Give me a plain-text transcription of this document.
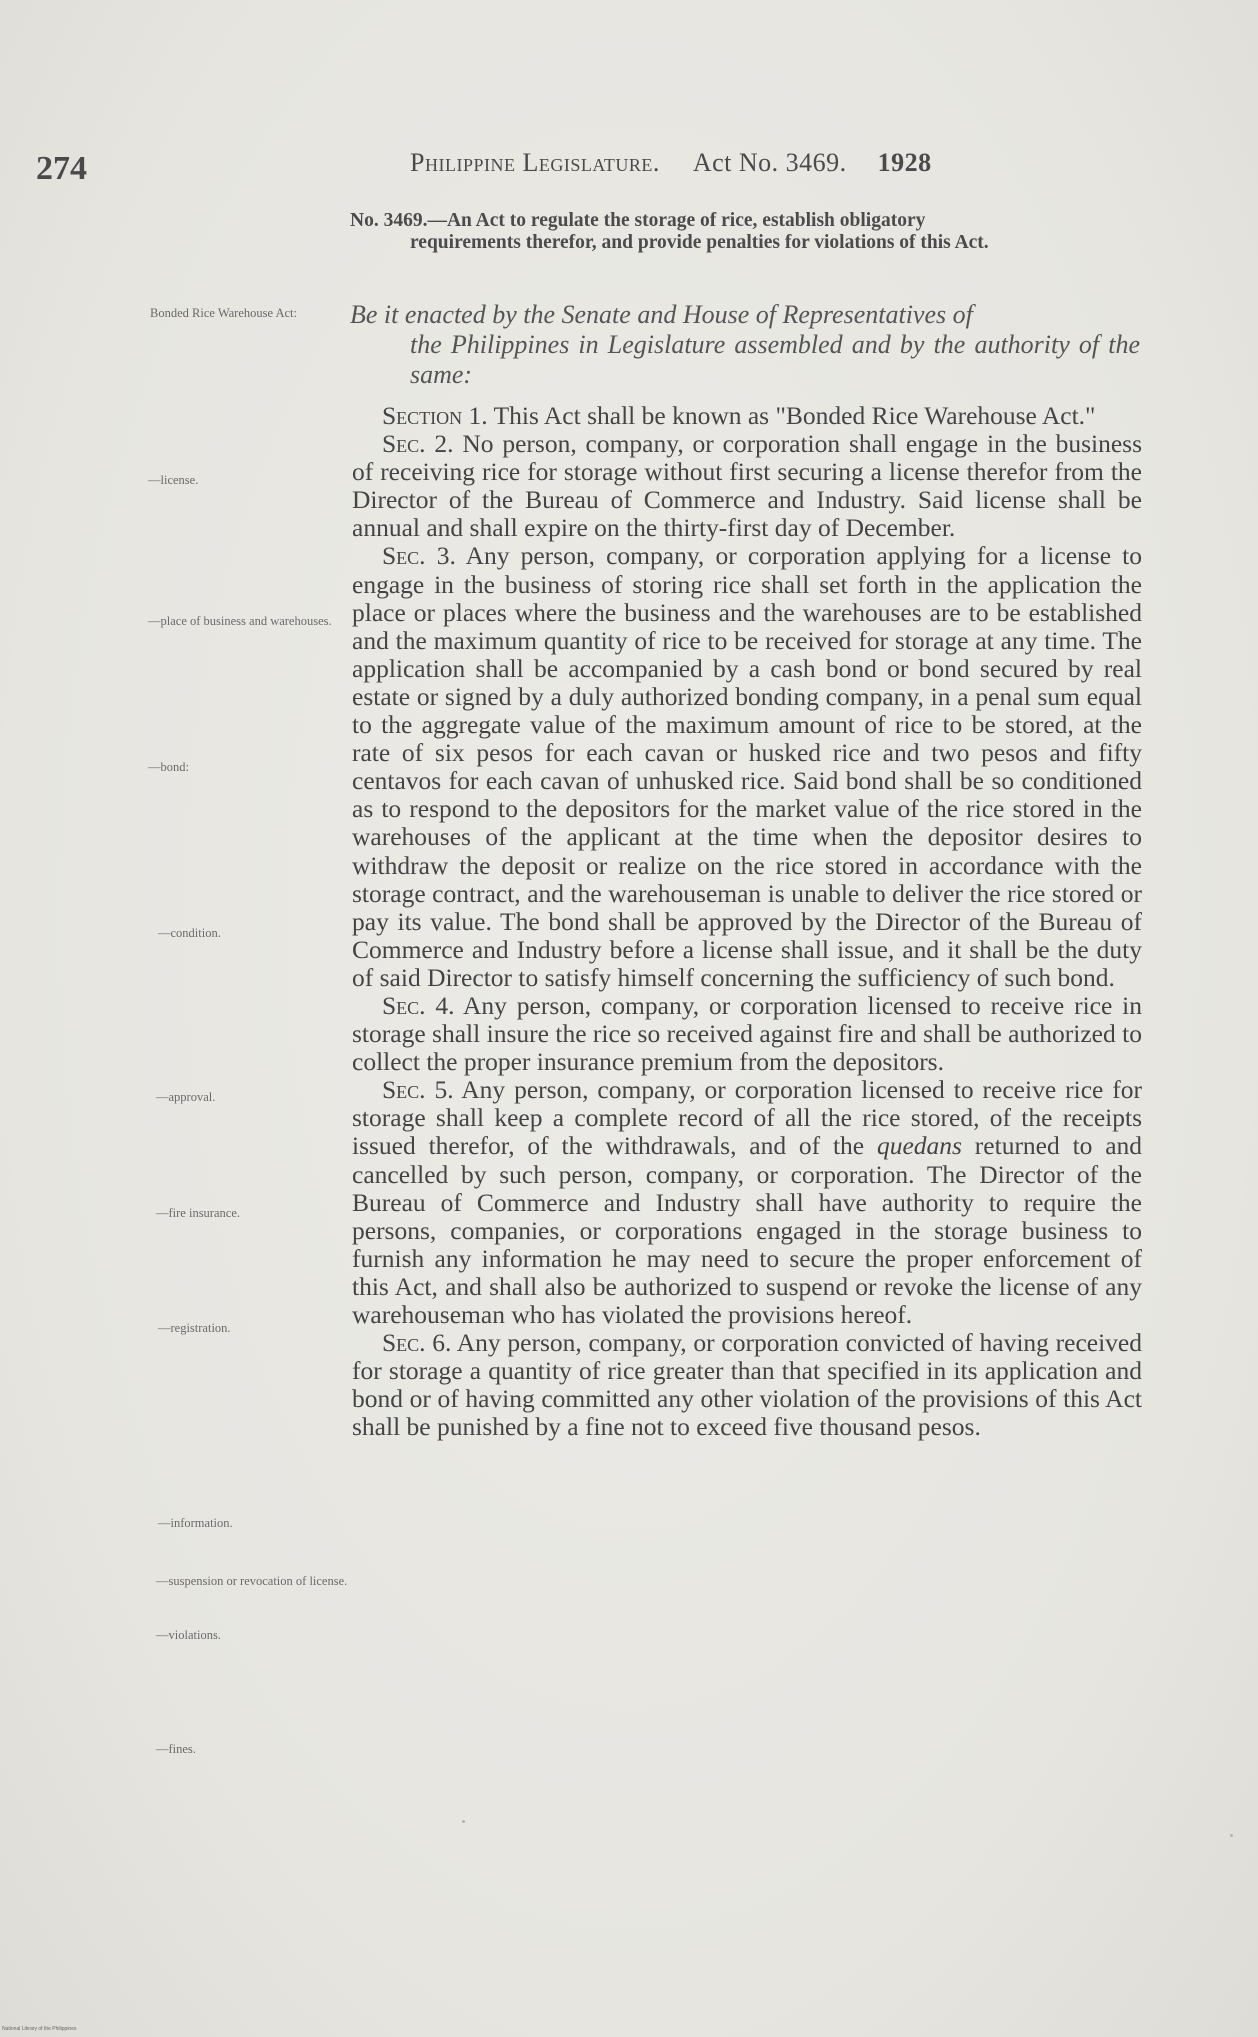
274	Philippine Legislature. Act No. 3469. 1928
No. 3469.—An Act to regulate the storage of rice, establish obligatory
requirements therefor, and provide penalties for violations of this Act.
Be it enacted by the Senate and House of Representatives of
the Philippines in Legislature assembled and by the authority of the same:

Section 1. This Act shall be known as "Bonded Rice Warehouse Act."

Sec. 2. No person, company, or corporation shall engage in the business of receiving rice for storage without first securing a license therefor from the Director of the Bureau of Commerce and Industry. Said license shall be annual and shall expire on the thirty-first day of December.

Sec. 3. Any person, company, or corporation applying for a license to engage in the business of storing rice shall set forth in the application the place or places where the business and the warehouses are to be established and the maximum quantity of rice to be received for storage at any time. The application shall be accompanied by a cash bond or bond secured by real estate or signed by a duly authorized bonding company, in a penal sum equal to the aggregate value of the maximum amount of rice to be stored, at the rate of six pesos for each cavan or husked rice and two pesos and fifty centavos for each cavan of unhusked rice. Said bond shall be so conditioned as to respond to the depositors for the market value of the rice stored in the warehouses of the applicant at the time when the depositor desires to withdraw the deposit or realize on the rice stored in accordance with the storage contract, and the warehouseman is unable to deliver the rice stored or pay its value. The bond shall be approved by the Director of the Bureau of Commerce and Industry before a license shall issue, and it shall be the duty of said Director to satisfy himself concerning the sufficiency of such bond.

Sec. 4. Any person, company, or corporation licensed to receive rice in storage shall insure the rice so received against fire and shall be authorized to collect the proper insurance premium from the depositors.

Sec. 5. Any person, company, or corporation licensed to receive rice for storage shall keep a complete record of all the rice stored, of the receipts issued therefor, of the withdrawals, and of the quedans returned to and cancelled by such person, company, or corporation. The Director of the Bureau of Commerce and Industry shall have authority to require the persons, companies, or corporations engaged in the storage business to furnish any information he may need to secure the proper enforcement of this Act, and shall also be authorized to suspend or revoke the license of any warehouseman who has violated the provisions hereof.

Sec. 6. Any person, company, or corporation convicted of having received for storage a quantity of rice greater than that specified in its application and bond or of having committed any other violation of the provisions of this Act shall be punished by a fine not to exceed five thousand pesos.

Bonded Rice Warehouse Act:
—license.
—place of business and warehouses.
—bond:
—condition.
—approval.
—fire insurance.
—registration.
—information.
—suspension or revocation of license.
—violations.
—fines.
National Library of the Philippines
